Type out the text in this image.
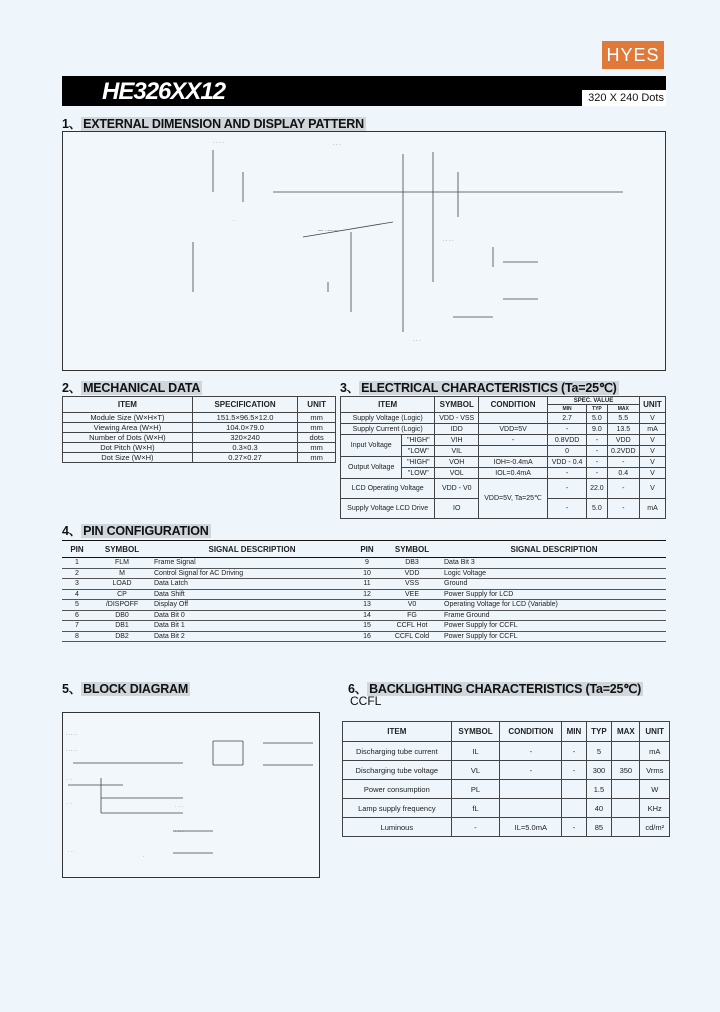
HYES
HE326XX12	320 X 240 Dots
1、 EXTERNAL DIMENSION AND DISPLAY PATTERN
· · · ·	· · ·
— · — —
· · · ·
·
· · ·
2、 MECHANICAL DATA
ITEM	SPECIFICATION	UNIT
Module Size (W×H×T)	151.5×96.5×12.0	mm
Viewing Area (W×H)	104.0×79.0	mm
Number of Dots (W×H)	320×240	dots
Dot Pitch (W×H)	0.3×0.3	mm
Dot Size (W×H)	0.27×0.27	mm
3、 ELECTRICAL CHARACTERISTICS (Ta=25℃)
ITEM		SYMBOL	CONDITION	SPEC. VALUE			UNIT
				MIN	TYP	MAX	
Supply Voltage (Logic)		VDD - VSS		2.7	5.0	5.5	V
Supply Current (Logic)		IDD	VDD=5V	-	9.0	13.5	mA
Input Voltage	"HIGH"	VIH	-	0.8VDD	-	VDD	V
	"LOW"	VIL		0	-	0.2VDD	V
Output Voltage	"HIGH"	VOH	IOH=-0.4mA	VDD - 0.4	-	-	V
	"LOW"	VOL	IOL=0.4mA	-	-	0.4	V
LCD Operating Voltage		VDD - V0	VDD=5V, Ta=25℃	-	22.0	-	V
Supply Voltage LCD Drive		IO		-	5.0	-	mA
4、 PIN CONFIGURATION
PIN	SYMBOL	SIGNAL DESCRIPTION	PIN	SYMBOL	SIGNAL DESCRIPTION
1	FLM	Frame Signal	9	DB3	Data Bit 3
2	M	Control Signal for AC Driving	10	VDD	Logic Voltage
3	LOAD	Data Latch	11	VSS	Ground
4	CP	Data Shift	12	VEE	Power Supply for LCD
5	/DISPOFF	Display Off	13	V0	Operating Voltage for LCD (Variable)
6	DB0	Data Bit 0	14	FG	Frame Ground
7	DB1	Data Bit 1	15	CCFL Hot	Power Supply for CCFL
8	DB2	Data Bit 2	16	CCFL Cold	Power Supply for CCFL
5、 BLOCK DIAGRAM
- - - - -
- - - - -
· · ·
· · ·
· · · ·
· · · ·
· · ·
·
6、 BACKLIGHTING CHARACTERISTICS (Ta=25℃)
CCFL
ITEM	SYMBOL	CONDITION	MIN	TYP	MAX	UNIT
Discharging tube current	IL	-	-	5		mA
Discharging tube voltage	VL	-	-	300	350	Vrms
Power consumption	PL			1.5		W
Lamp supply frequency	fL			40		KHz
Luminous	-	IL=5.0mA	-	85		cd/m²
